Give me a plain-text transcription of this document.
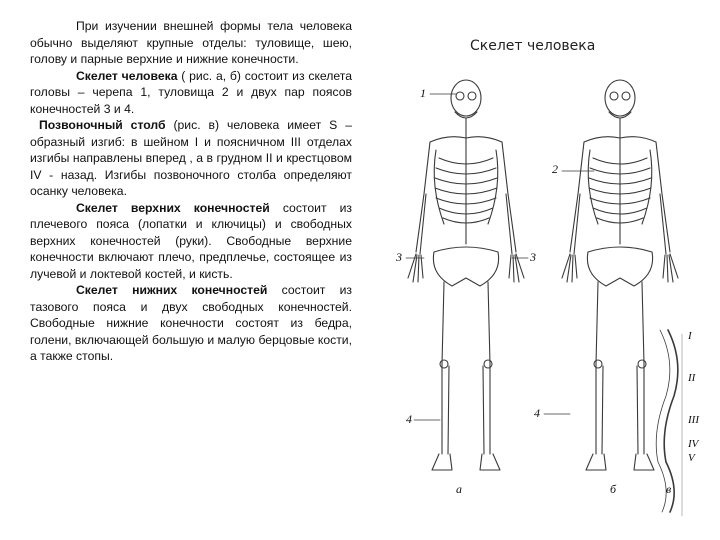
При изучении внешней формы тела человека обычно выделяют крупные отделы: туловище, шею, голову и парные верхние и нижние конечности.

Скелет человека ( рис. а, б) состоит из скелета головы – черепа 1, туловища 2 и двух пар поясов конечностей 3 и 4.

Позвоночный столб (рис. в) человека имеет S – образный изгиб: в шейном I и поясничном III отделах изгибы направлены вперед , а в грудном II и крестцовом IV - назад. Изгибы позвоночного столба определяют осанку человека.

Скелет верхних конечностей состоит из плечевого пояса (лопатки и ключицы) и свободных верхних конечностей (руки). Свободные верхние конечности включают плечо, предплечье, состоящее из лучевой и локтевой костей, и кисть.

Скелет нижних конечностей состоит из тазового пояса и двух свободных конечностей. Свободные нижние конечности состоят из бедра, голени, включающей большую и малую берцовые кости, а также стопы.

Скелет человека
1
2
3	3
4	4
I
II
III
IV
V
а	б	в
